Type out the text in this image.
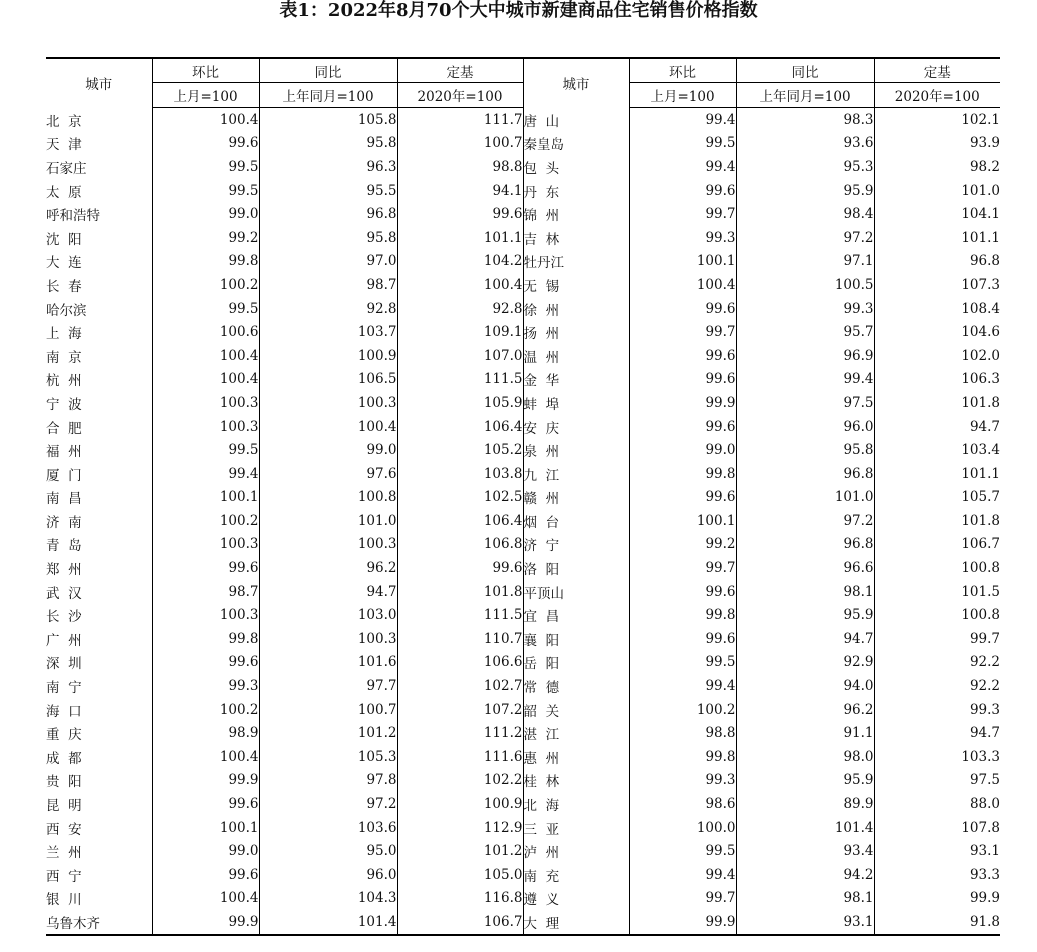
表1：2022年8月70个大中城市新建商品住宅销售价格指数
城市	环比	同比	定基	城市	环比	同比	定基
	上月=100	上年同月=100	2020年=100		上月=100	上年同月=100	2020年=100
北  京	100.4	105.8	111.7	唐  山	99.4	98.3	102.1
天  津	99.6	95.8	100.7	秦皇岛	99.5	93.6	93.9
石家庄	99.5	96.3	98.8	包  头	99.4	95.3	98.2
太  原	99.5	95.5	94.1	丹  东	99.6	95.9	101.0
呼和浩特	99.0	96.8	99.6	锦  州	99.7	98.4	104.1
沈  阳	99.2	95.8	101.1	吉  林	99.3	97.2	101.1
大  连	99.8	97.0	104.2	牡丹江	100.1	97.1	96.8
长  春	100.2	98.7	100.4	无  锡	100.4	100.5	107.3
哈尔滨	99.5	92.8	92.8	徐  州	99.6	99.3	108.4
上  海	100.6	103.7	109.1	扬  州	99.7	95.7	104.6
南  京	100.4	100.9	107.0	温  州	99.6	96.9	102.0
杭  州	100.4	106.5	111.5	金  华	99.6	99.4	106.3
宁  波	100.3	100.3	105.9	蚌  埠	99.9	97.5	101.8
合  肥	100.3	100.4	106.4	安  庆	99.6	96.0	94.7
福  州	99.5	99.0	105.2	泉  州	99.0	95.8	103.4
厦  门	99.4	97.6	103.8	九  江	99.8	96.8	101.1
南  昌	100.1	100.8	102.5	赣  州	99.6	101.0	105.7
济  南	100.2	101.0	106.4	烟  台	100.1	97.2	101.8
青  岛	100.3	100.3	106.8	济  宁	99.2	96.8	106.7
郑  州	99.6	96.2	99.6	洛  阳	99.7	96.6	100.8
武  汉	98.7	94.7	101.8	平顶山	99.6	98.1	101.5
长  沙	100.3	103.0	111.5	宜  昌	99.8	95.9	100.8
广  州	99.8	100.3	110.7	襄  阳	99.6	94.7	99.7
深  圳	99.6	101.6	106.6	岳  阳	99.5	92.9	92.2
南  宁	99.3	97.7	102.7	常  德	99.4	94.0	92.2
海  口	100.2	100.7	107.2	韶  关	100.2	96.2	99.3
重  庆	98.9	101.2	111.2	湛  江	98.8	91.1	94.7
成  都	100.4	105.3	111.6	惠  州	99.8	98.0	103.3
贵  阳	99.9	97.8	102.2	桂  林	99.3	95.9	97.5
昆  明	99.6	97.2	100.9	北  海	98.6	89.9	88.0
西  安	100.1	103.6	112.9	三  亚	100.0	101.4	107.8
兰  州	99.0	95.0	101.2	泸  州	99.5	93.4	93.1
西  宁	99.6	96.0	105.0	南  充	99.4	94.2	93.3
银  川	100.4	104.3	116.8	遵  义	99.7	98.1	99.9
乌鲁木齐	99.9	101.4	106.7	大  理	99.9	93.1	91.8
